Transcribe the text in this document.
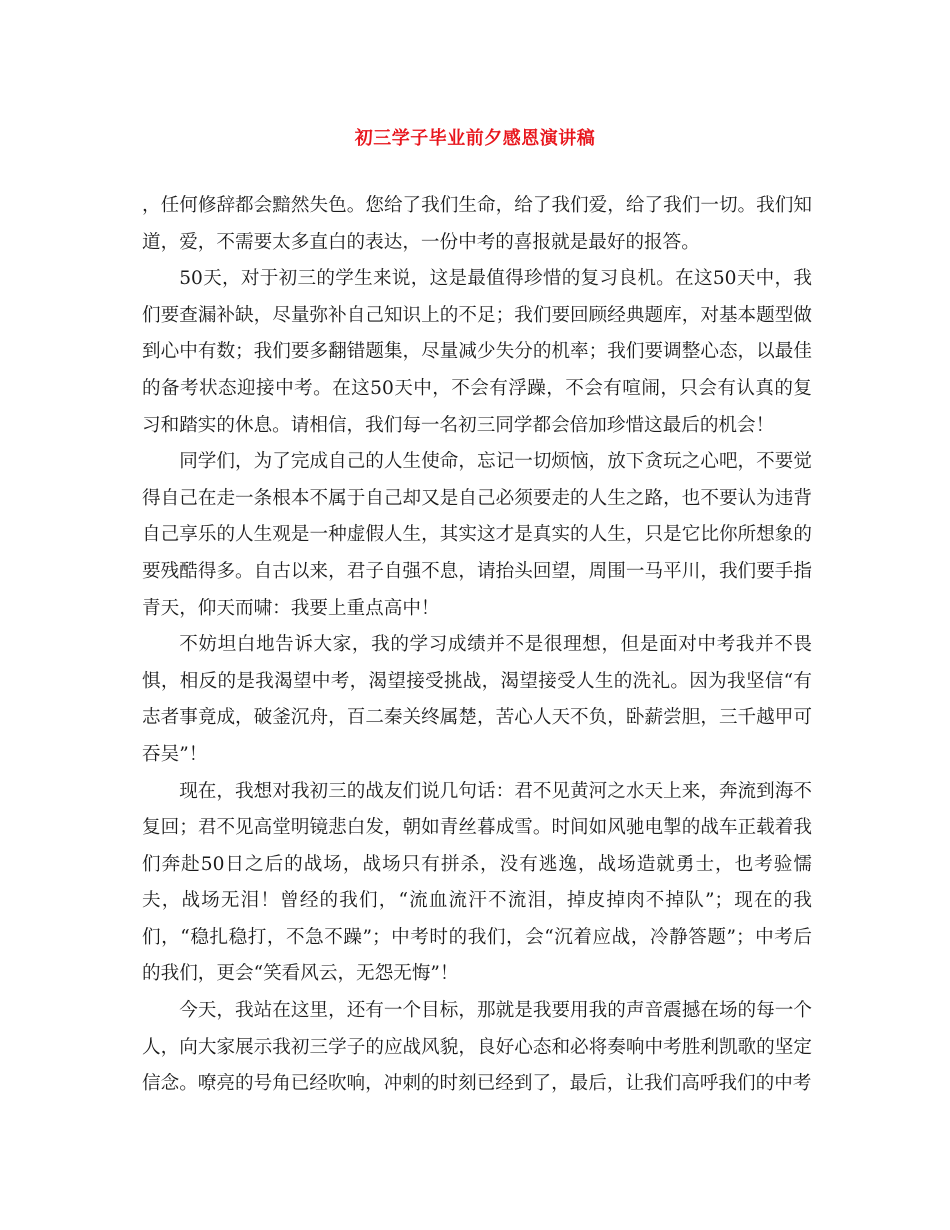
初三学子毕业前夕感恩演讲稿

，任何修辞都会黯然失色。您给了我们生命，给了我们爱，给了我们一切。我们知道，爱，不需要太多直白的表达，一份中考的喜报就是最好的报答。

50天，对于初三的学生来说，这是最值得珍惜的复习良机。在这50天中，我们要查漏补缺，尽量弥补自己知识上的不足；我们要回顾经典题库，对基本题型做到心中有数；我们要多翻错题集，尽量减少失分的机率；我们要调整心态，以最佳的备考状态迎接中考。在这50天中，不会有浮躁，不会有喧闹，只会有认真的复习和踏实的休息。请相信，我们每一名初三同学都会倍加珍惜这最后的机会！

同学们，为了完成自己的人生使命，忘记一切烦恼，放下贪玩之心吧，不要觉得自己在走一条根本不属于自己却又是自己必须要走的人生之路，也不要认为违背自己享乐的人生观是一种虚假人生，其实这才是真实的人生，只是它比你所想象的要残酷得多。自古以来，君子自强不息，请抬头回望，周围一马平川，我们要手指青天，仰天而啸：我要上重点高中！

不妨坦白地告诉大家，我的学习成绩并不是很理想，但是面对中考我并不畏惧，相反的是我渴望中考，渴望接受挑战，渴望接受人生的洗礼。因为我坚信“有志者事竟成，破釜沉舟，百二秦关终属楚，苦心人天不负，卧薪尝胆，三千越甲可吞吴”！

现在，我想对我初三的战友们说几句话：君不见黄河之水天上来，奔流到海不复回；君不见高堂明镜悲白发，朝如青丝暮成雪。时间如风驰电掣的战车正载着我们奔赴50日之后的战场，战场只有拼杀，没有逃逸，战场造就勇士，也考验懦夫，战场无泪！曾经的我们，“流血流汗不流泪，掉皮掉肉不掉队”；现在的我们，“稳扎稳打，不急不躁”；中考时的我们，会“沉着应战，冷静答题”；中考后的我们，更会“笑看风云，无怨无悔”！

今天，我站在这里，还有一个目标，那就是我要用我的声音震撼在场的每一个人，向大家展示我初三学子的应战风貌，良好心态和必将奏响中考胜利凯歌的坚定信念。嘹亮的号角已经吹响，冲刺的时刻已经到了，最后，让我们高呼我们的中考
